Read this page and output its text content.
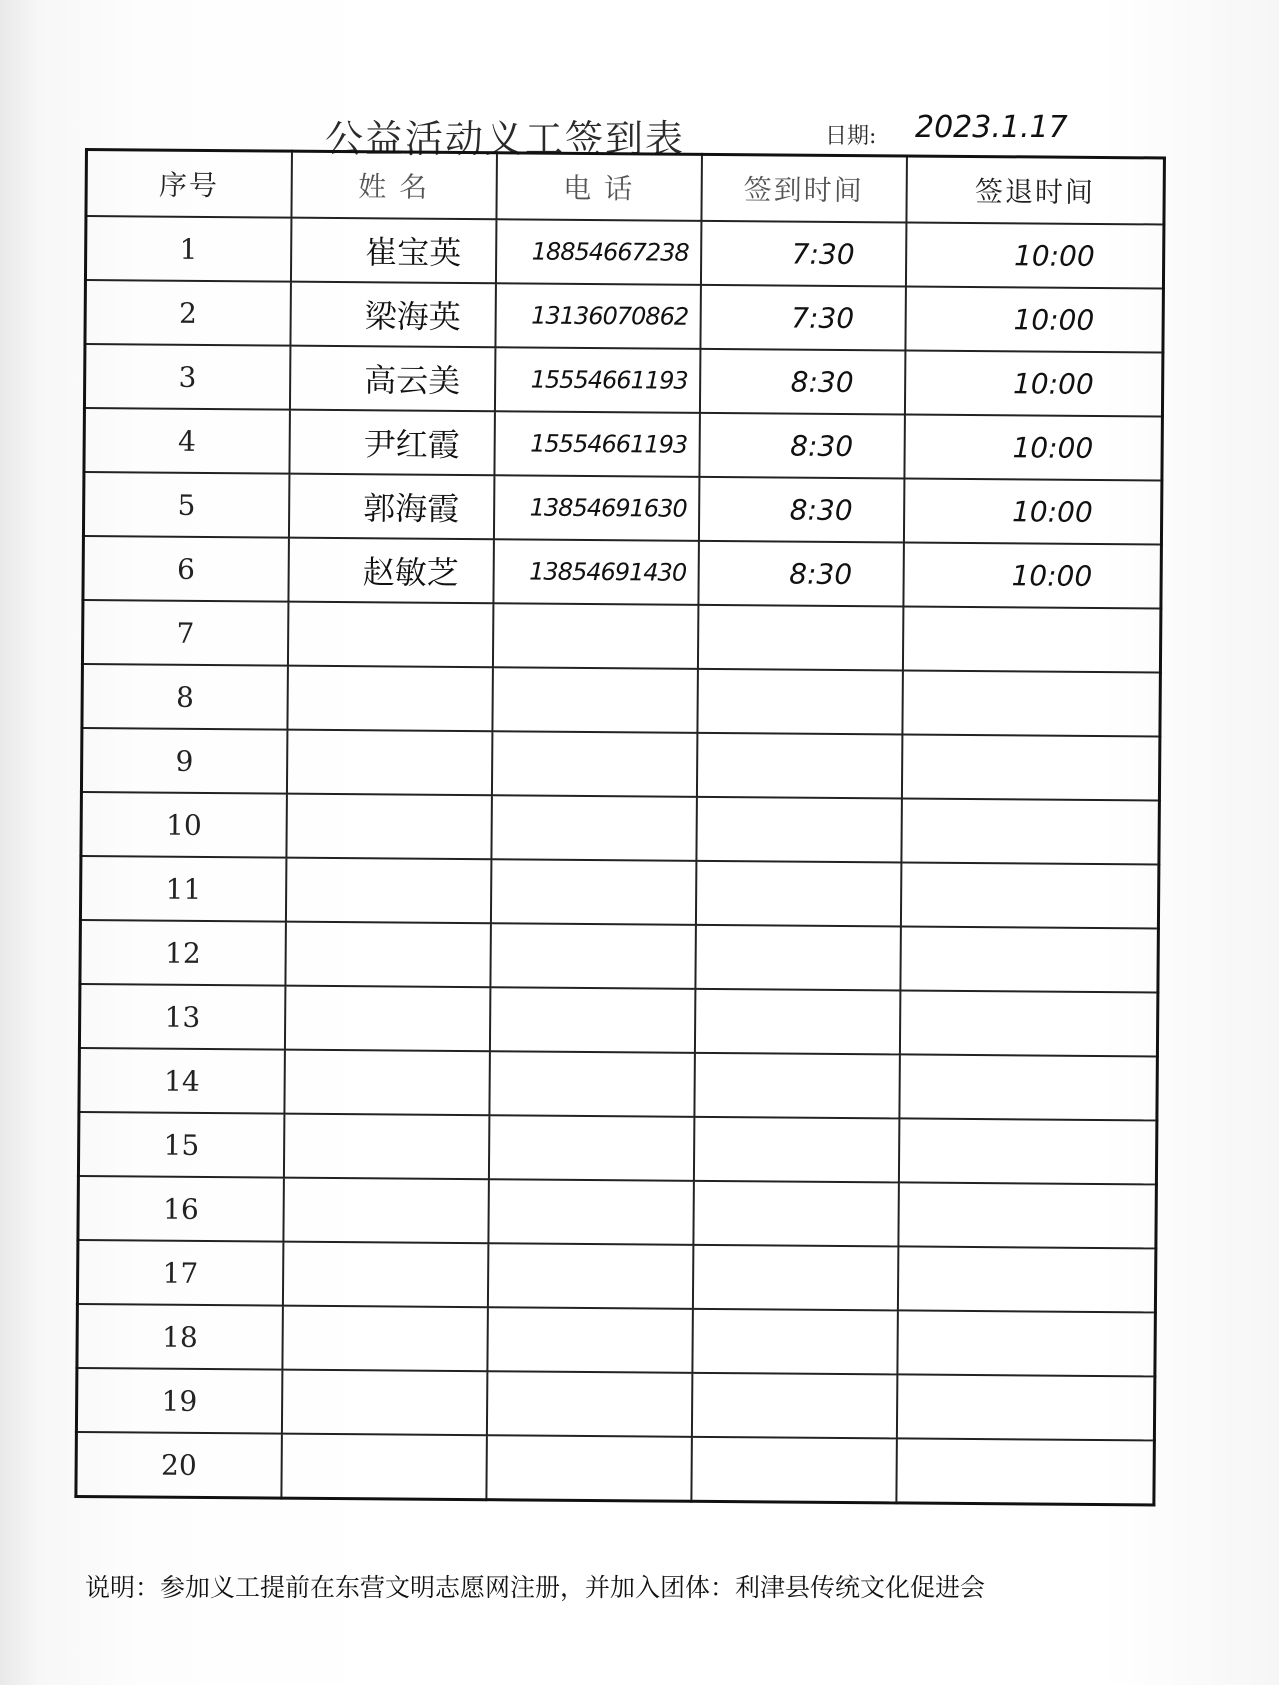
公益活动义工签到表	日期: 2023.1.17
序号	姓 名	电 话	签到时间	签退时间
1	崔宝英	18854667238	7:30	10:00
2	梁海英	13136070862	7:30	10:00
3	高云美	15554661193	8:30	10:00
4	尹红霞	15554661193	8:30	10:00
5	郭海霞	13854691630	8:30	10:00
6	赵敏芝	13854691430	8:30	10:00
7				
8				
9				
10				
11				
12				
13				
14				
15				
16				
17				
18				
19				
20				
说明：参加义工提前在东营文明志愿网注册，并加入团体：利津县传统文化促进会
